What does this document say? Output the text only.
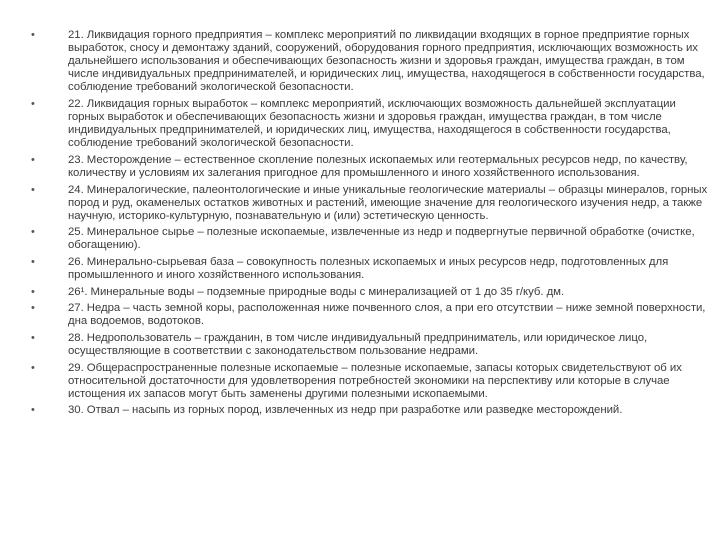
•	21. Ликвидация горного предприятия – комплекс мероприятий по ликвидации входящих в горное предприятие горных выработок, сносу и демонтажу зданий, сооружений, оборудования горного предприятия, исключающих возможность их дальнейшего использования и обеспечивающих безопасность жизни и здоровья граждан, имущества граждан, в том числе индивидуальных предпринимателей, и юридических лиц, имущества, находящегося в собственности государства, соблюдение требований экологической безопасности.
•	22. Ликвидация горных выработок – комплекс мероприятий, исключающих возможность дальнейшей эксплуатации горных выработок и обеспечивающих безопасность жизни и здоровья граждан, имущества граждан, в том числе индивидуальных предпринимателей, и юридических лиц, имущества, находящегося в собственности государства, соблюдение требований экологической безопасности.
•	23. Месторождение – естественное скопление полезных ископаемых или геотермальных ресурсов недр, по качеству, количеству и условиям их залегания пригодное для промышленного и иного хозяйственного использования.
•	24. Минералогические, палеонтологические и иные уникальные геологические материалы – образцы минералов, горных пород и руд, окаменелых остатков животных и растений, имеющие значение для геологического изучения недр, а также научную, историко-культурную, познавательную и (или) эстетическую ценность.
•	25. Минеральное сырье – полезные ископаемые, извлеченные из недр и подвергнутые первичной обработке (очистке, обогащению).
•	26. Минерально-сырьевая база – совокупность полезных ископаемых и иных ресурсов недр, подготовленных для промышленного и иного хозяйственного использования.
•	26¹. Минеральные воды – подземные природные воды с минерализацией от 1 до 35 г/куб. дм.
•	27. Недра – часть земной коры, расположенная ниже почвенного слоя, а при его отсутствии – ниже земной поверхности, дна водоемов, водотоков.
•	28. Недропользователь – гражданин, в том числе индивидуальный предприниматель, или юридическое лицо, осуществляющие в соответствии с законодательством пользование недрами.
•	29. Общераспространенные полезные ископаемые – полезные ископаемые, запасы которых свидетельствуют об их относительной достаточности для удовлетворения потребностей экономики на перспективу или которые в случае истощения их запасов могут быть заменены другими полезными ископаемыми.
•	30. Отвал – насыпь из горных пород, извлеченных из недр при разработке или разведке месторождений.
